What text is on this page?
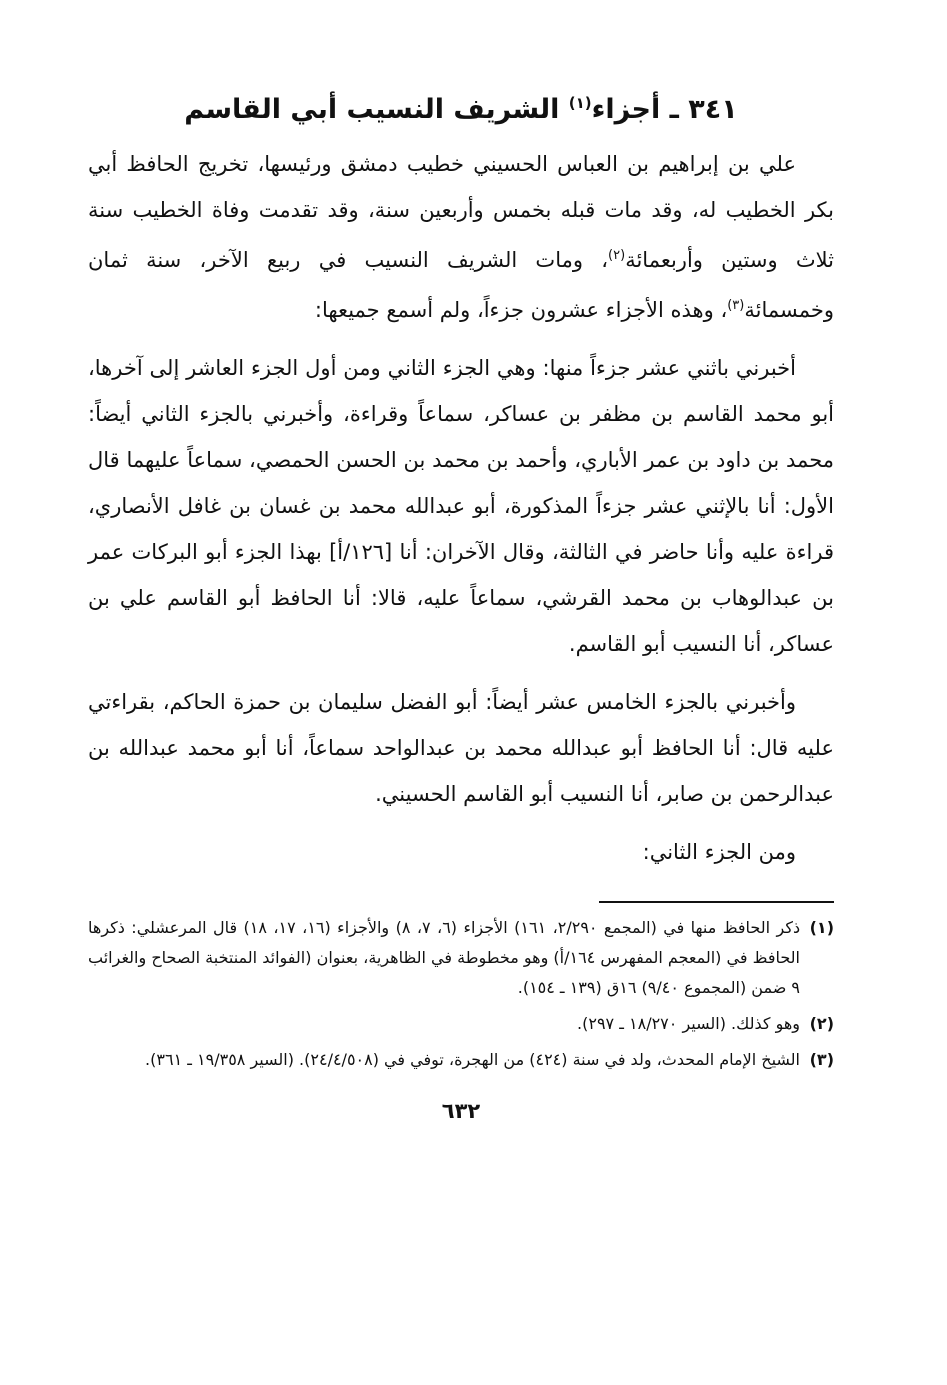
٣٤١ ـ أجزاء$^{(١)}$ الشريف النسيب أبي القاسم

علي بن إبراهيم بن العباس الحسيني خطيب دمشق ورئيسها، تخريج الحافظ أبي بكر الخطيب له، وقد مات قبله بخمس وأربعين سنة، وقد تقدمت وفاة الخطيب سنة ثلاث وستين وأربعمائة$^{(٢)}$، ومات الشريف النسيب في ربيع الآخر، سنة ثمان وخمسمائة$^{(٣)}$، وهذه الأجزاء عشرون جزءاً، ولم أسمع جميعها:

أخبرني باثني عشر جزءاً منها: وهي الجزء الثاني ومن أول الجزء العاشر إلى آخرها، أبو محمد القاسم بن مظفر بن عساكر، سماعاً وقراءة، وأخبرني بالجزء الثاني أيضاً: محمد بن داود بن عمر الأباري، وأحمد بن محمد بن الحسن الحمصي، سماعاً عليهما قال الأول: أنا بالإثني عشر جزءاً المذكورة، أبو عبدالله محمد بن غسان بن غافل الأنصاري، قراءة عليه وأنا حاضر في الثالثة، وقال الآخران: أنا [١٢٦/أ] بهذا الجزء أبو البركات عمر بن عبدالوهاب بن محمد القرشي، سماعاً عليه، قالا: أنا الحافظ أبو القاسم علي بن عساكر، أنا النسيب أبو القاسم.

وأخبرني بالجزء الخامس عشر أيضاً: أبو الفضل سليمان بن حمزة الحاكم، بقراءتي عليه قال: أنا الحافظ أبو عبدالله محمد بن عبدالواحد سماعاً، أنا أبو محمد عبدالله بن عبدالرحمن بن صابر، أنا النسيب أبو القاسم الحسيني.

ومن الجزء الثاني:

(١)
ذكر الحافظ منها في (المجمع ٢/٢٩٠، ١٦١) الأجزاء (٦، ٧، ٨) والأجزاء (١٦، ١٧، ١٨) قال المرعشلي: ذكرها الحافظ في (المعجم المفهرس ١٦٤/أ) وهو مخطوطة في الظاهرية، بعنوان (الفوائد المنتخبة الصحاح والغرائب ٩ ضمن (المجموع ٩/٤٠) ١٦ق (١٣٩ ـ ١٥٤).
(٢)
وهو كذلك. (السير ١٨/٢٧٠ ـ ٢٩٧).
(٣)
الشيخ الإمام المحدث، ولد في سنة (٤٢٤) من الهجرة، توفي في (٢٤/٤/٥٠٨). (السير ١٩/٣٥٨ ـ ٣٦١).
٦٣٢
